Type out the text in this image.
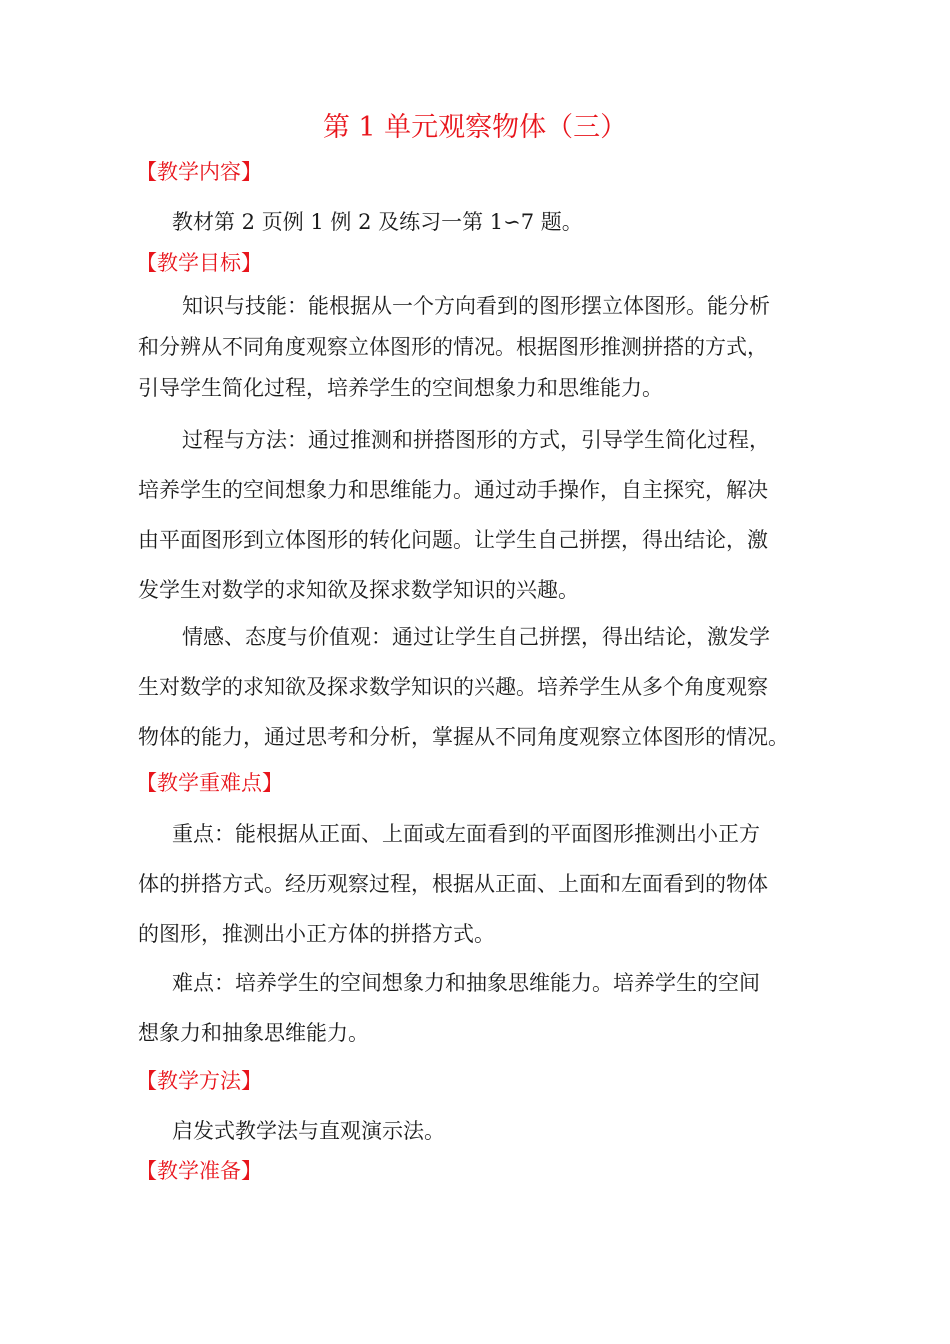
第 1 单元观察物体（三）
【教学内容】
教材第 2 页例 1 例 2 及练习一第 1∽7 题。
【教学目标】
知识与技能：能根据从一个方向看到的图形摆立体图形。能分析
和分辨从不同角度观察立体图形的情况。根据图形推测拼搭的方式，
引导学生简化过程，培养学生的空间想象力和思维能力。
过程与方法：通过推测和拼搭图形的方式，引导学生简化过程，
培养学生的空间想象力和思维能力。通过动手操作，自主探究，解决
由平面图形到立体图形的转化问题。让学生自己拼摆，得出结论，激
发学生对数学的求知欲及探求数学知识的兴趣。
情感、态度与价值观：通过让学生自己拼摆，得出结论，激发学
生对数学的求知欲及探求数学知识的兴趣。培养学生从多个角度观察
物体的能力，通过思考和分析，掌握从不同角度观察立体图形的情况。
【教学重难点】
重点：能根据从正面、上面或左面看到的平面图形推测出小正方
体的拼搭方式。经历观察过程，根据从正面、上面和左面看到的物体
的图形，推测出小正方体的拼搭方式。
难点：培养学生的空间想象力和抽象思维能力。培养学生的空间
想象力和抽象思维能力。
【教学方法】
启发式教学法与直观演示法。
【教学准备】
